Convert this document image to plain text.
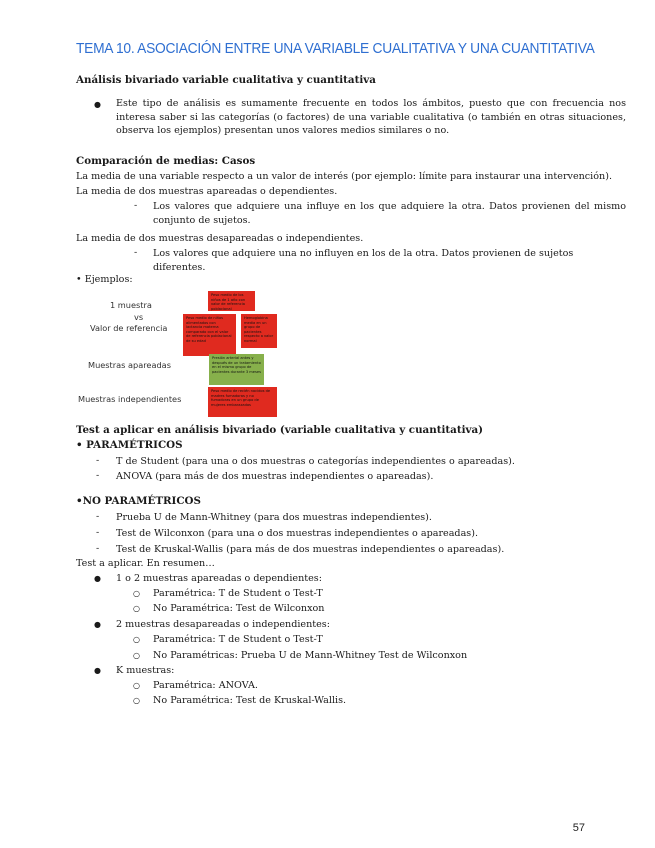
TEMA 10. ASOCIACIÓN ENTRE UNA VARIABLE CUALITATIVA Y UNA CUANTITATIVA
Análisis bivariado variable cualitativa y cuantitativa
● Este tipo de análisis es sumamente frecuente en todos los ámbitos, puesto que con frecuencia nos interesa saber si las categorías (o factores) de una variable cualitativa (o también en otras situaciones, observa los ejemplos) presentan unos valores medios similares o no.
Comparación de medias: Casos
La media de una variable respecto a un valor de interés (por ejemplo: límite para instaurar una intervención).
La media de dos muestras apareadas o dependientes.
- Los valores que adquiere una influye en los que adquiere la otra. Datos provienen del mismo conjunto de sujetos.
La media de dos muestras desapareadas o independientes.
- Los valores que adquiere una no influyen en los de la otra. Datos provienen de sujetos diferentes.
• Ejemplos:
1 muestra
vs
Valor de referencia
Muestras apareadas
Muestras independientes
Peso medio de los niños de 1 año con valor de referencia poblacional
Peso medio de niños alimentados con lactancia materna comparado con el valor de referencia poblacional de su edad
Hemoglobina media en un grupo de pacientes respecto a valor normal
Presión arterial antes y después de un tratamiento en el mismo grupo de pacientes durante 3 meses
Peso medio de recién nacidos de madres fumadoras y no fumadoras en un grupo de mujeres embarazadas
Test a aplicar en análisis bivariado (variable cualitativa y cuantitativa)
• PARAMÉTRICOS
- T de Student (para una o dos muestras o categorías independientes o apareadas).
- ANOVA (para más de dos muestras independientes o apareadas).
•NO PARAMÉTRICOS
- Prueba U de Mann-Whitney (para dos muestras independientes).
- Test de Wilconxon (para una o dos muestras independientes o apareadas).
- Test de Kruskal-Wallis (para más de dos muestras independientes o apareadas).
Test a aplicar. En resumen…
● 1 o 2 muestras apareadas o dependientes:
○ Paramétrica: T de Student o Test-T
○ No Paramétrica: Test de Wilconxon
● 2 muestras desapareadas o independientes:
○ Paramétrica: T de Student o Test-T
○ No Paramétricas: Prueba U de Mann-Whitney Test de Wilconxon
● K muestras:
○ Paramétrica: ANOVA.
○ No Paramétrica: Test de Kruskal-Wallis.
57
